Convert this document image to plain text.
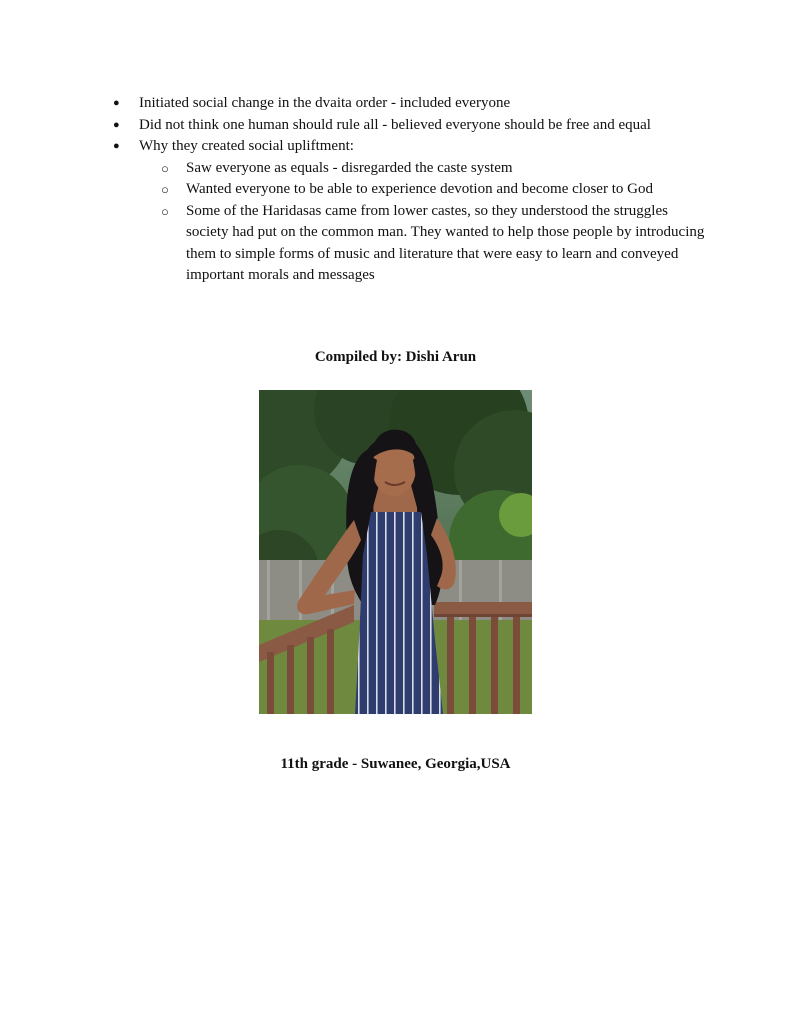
● Initiated social change in the dvaita order - included everyone
● Did not think one human should rule all - believed everyone should be free and equal
● Why they created social upliftment:
○ Saw everyone as equals - disregarded the caste system
○ Wanted everyone to be able to experience devotion and become closer to God
○ Some of the Haridasas came from lower castes, so they understood the struggles society had put on the common man. They wanted to help those people by introducing them to simple forms of music and literature that were easy to learn and conveyed important morals and messages
Compiled by: Dishi Arun
11th grade - Suwanee, Georgia,USA
